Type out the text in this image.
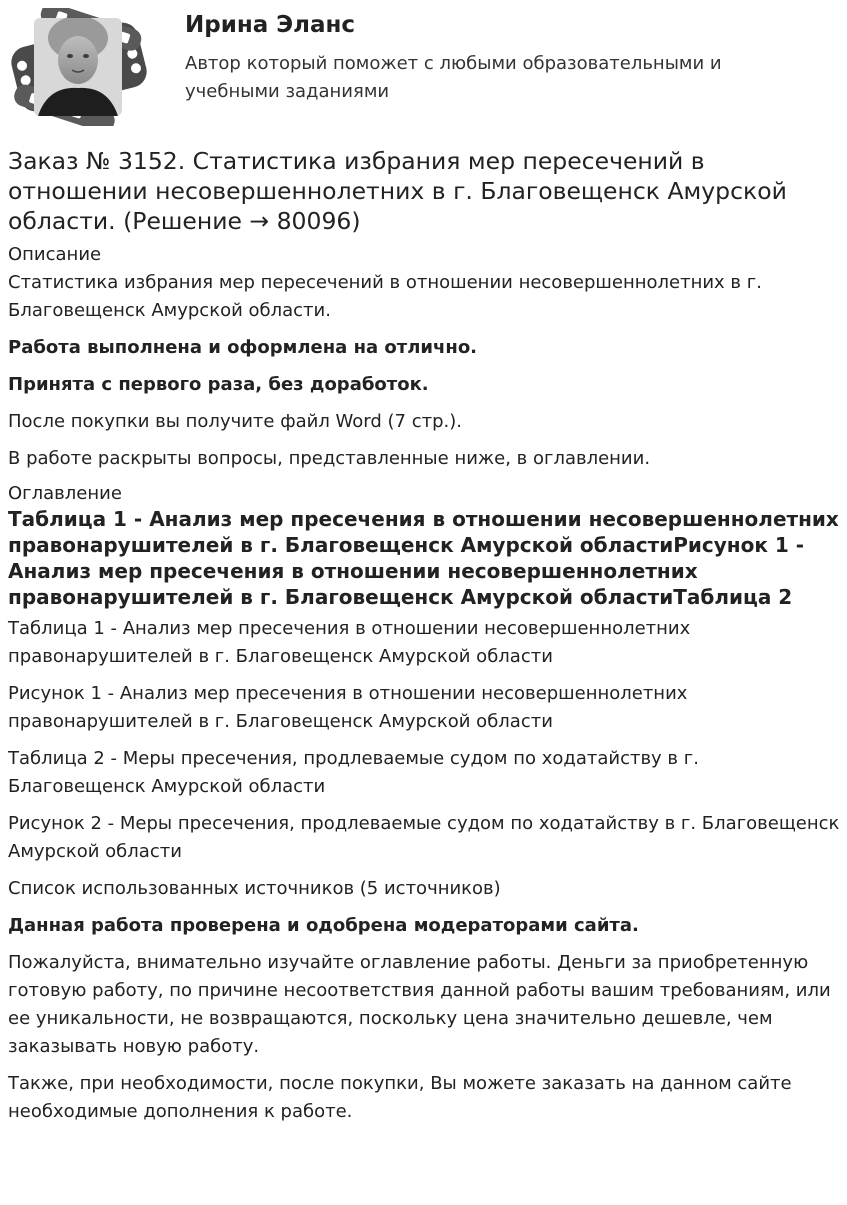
Ирина Эланс
Автор который поможет с любыми образовательными и учебными заданиями
Заказ № 3152. Статистика избрания мер пересечений в отношении несовершеннолетних в г. Благовещенск Амурской области. (Решение → 80096)
Описание

Статистика избрания мер пересечений в отношении несовершеннолетних в г. Благовещенск Амурской области.

Работа выполнена и оформлена на отлично.

Принята с первого раза, без доработок.

После покупки вы получите файл Word (7 стр.).

В работе раскрыты вопросы, представленные ниже, в оглавлении.

Оглавление
Таблица 1 - Анализ мер пресечения в отношении несовершеннолетних правонарушителей в г. Благовещенск Амурской областиРисунок 1 - Анализ мер пресечения в отношении несовершеннолетних правонарушителей в г. Благовещенск Амурской областиТаблица 2

Таблица 1 - Анализ мер пресечения в отношении несовершеннолетних правонарушителей в г. Благовещенск Амурской области

Рисунок 1 - Анализ мер пресечения в отношении несовершеннолетних правонарушителей в г. Благовещенск Амурской области

Таблица 2 - Меры пресечения, продлеваемые судом по ходатайству в г. Благовещенск Амурской области

Рисунок 2 - Меры пресечения, продлеваемые судом по ходатайству в г. Благовещенск Амурской области

Список использованных источников (5 источников)

Данная работа проверена и одобрена модераторами сайта.

Пожалуйста, внимательно изучайте оглавление работы. Деньги за приобретенную готовую работу, по причине несоответствия данной работы вашим требованиям, или ее уникальности, не возвращаются, поскольку цена значительно дешевле, чем заказывать новую работу.

Также, при необходимости, после покупки, Вы можете заказать на данном сайте необходимые дополнения к работе.
